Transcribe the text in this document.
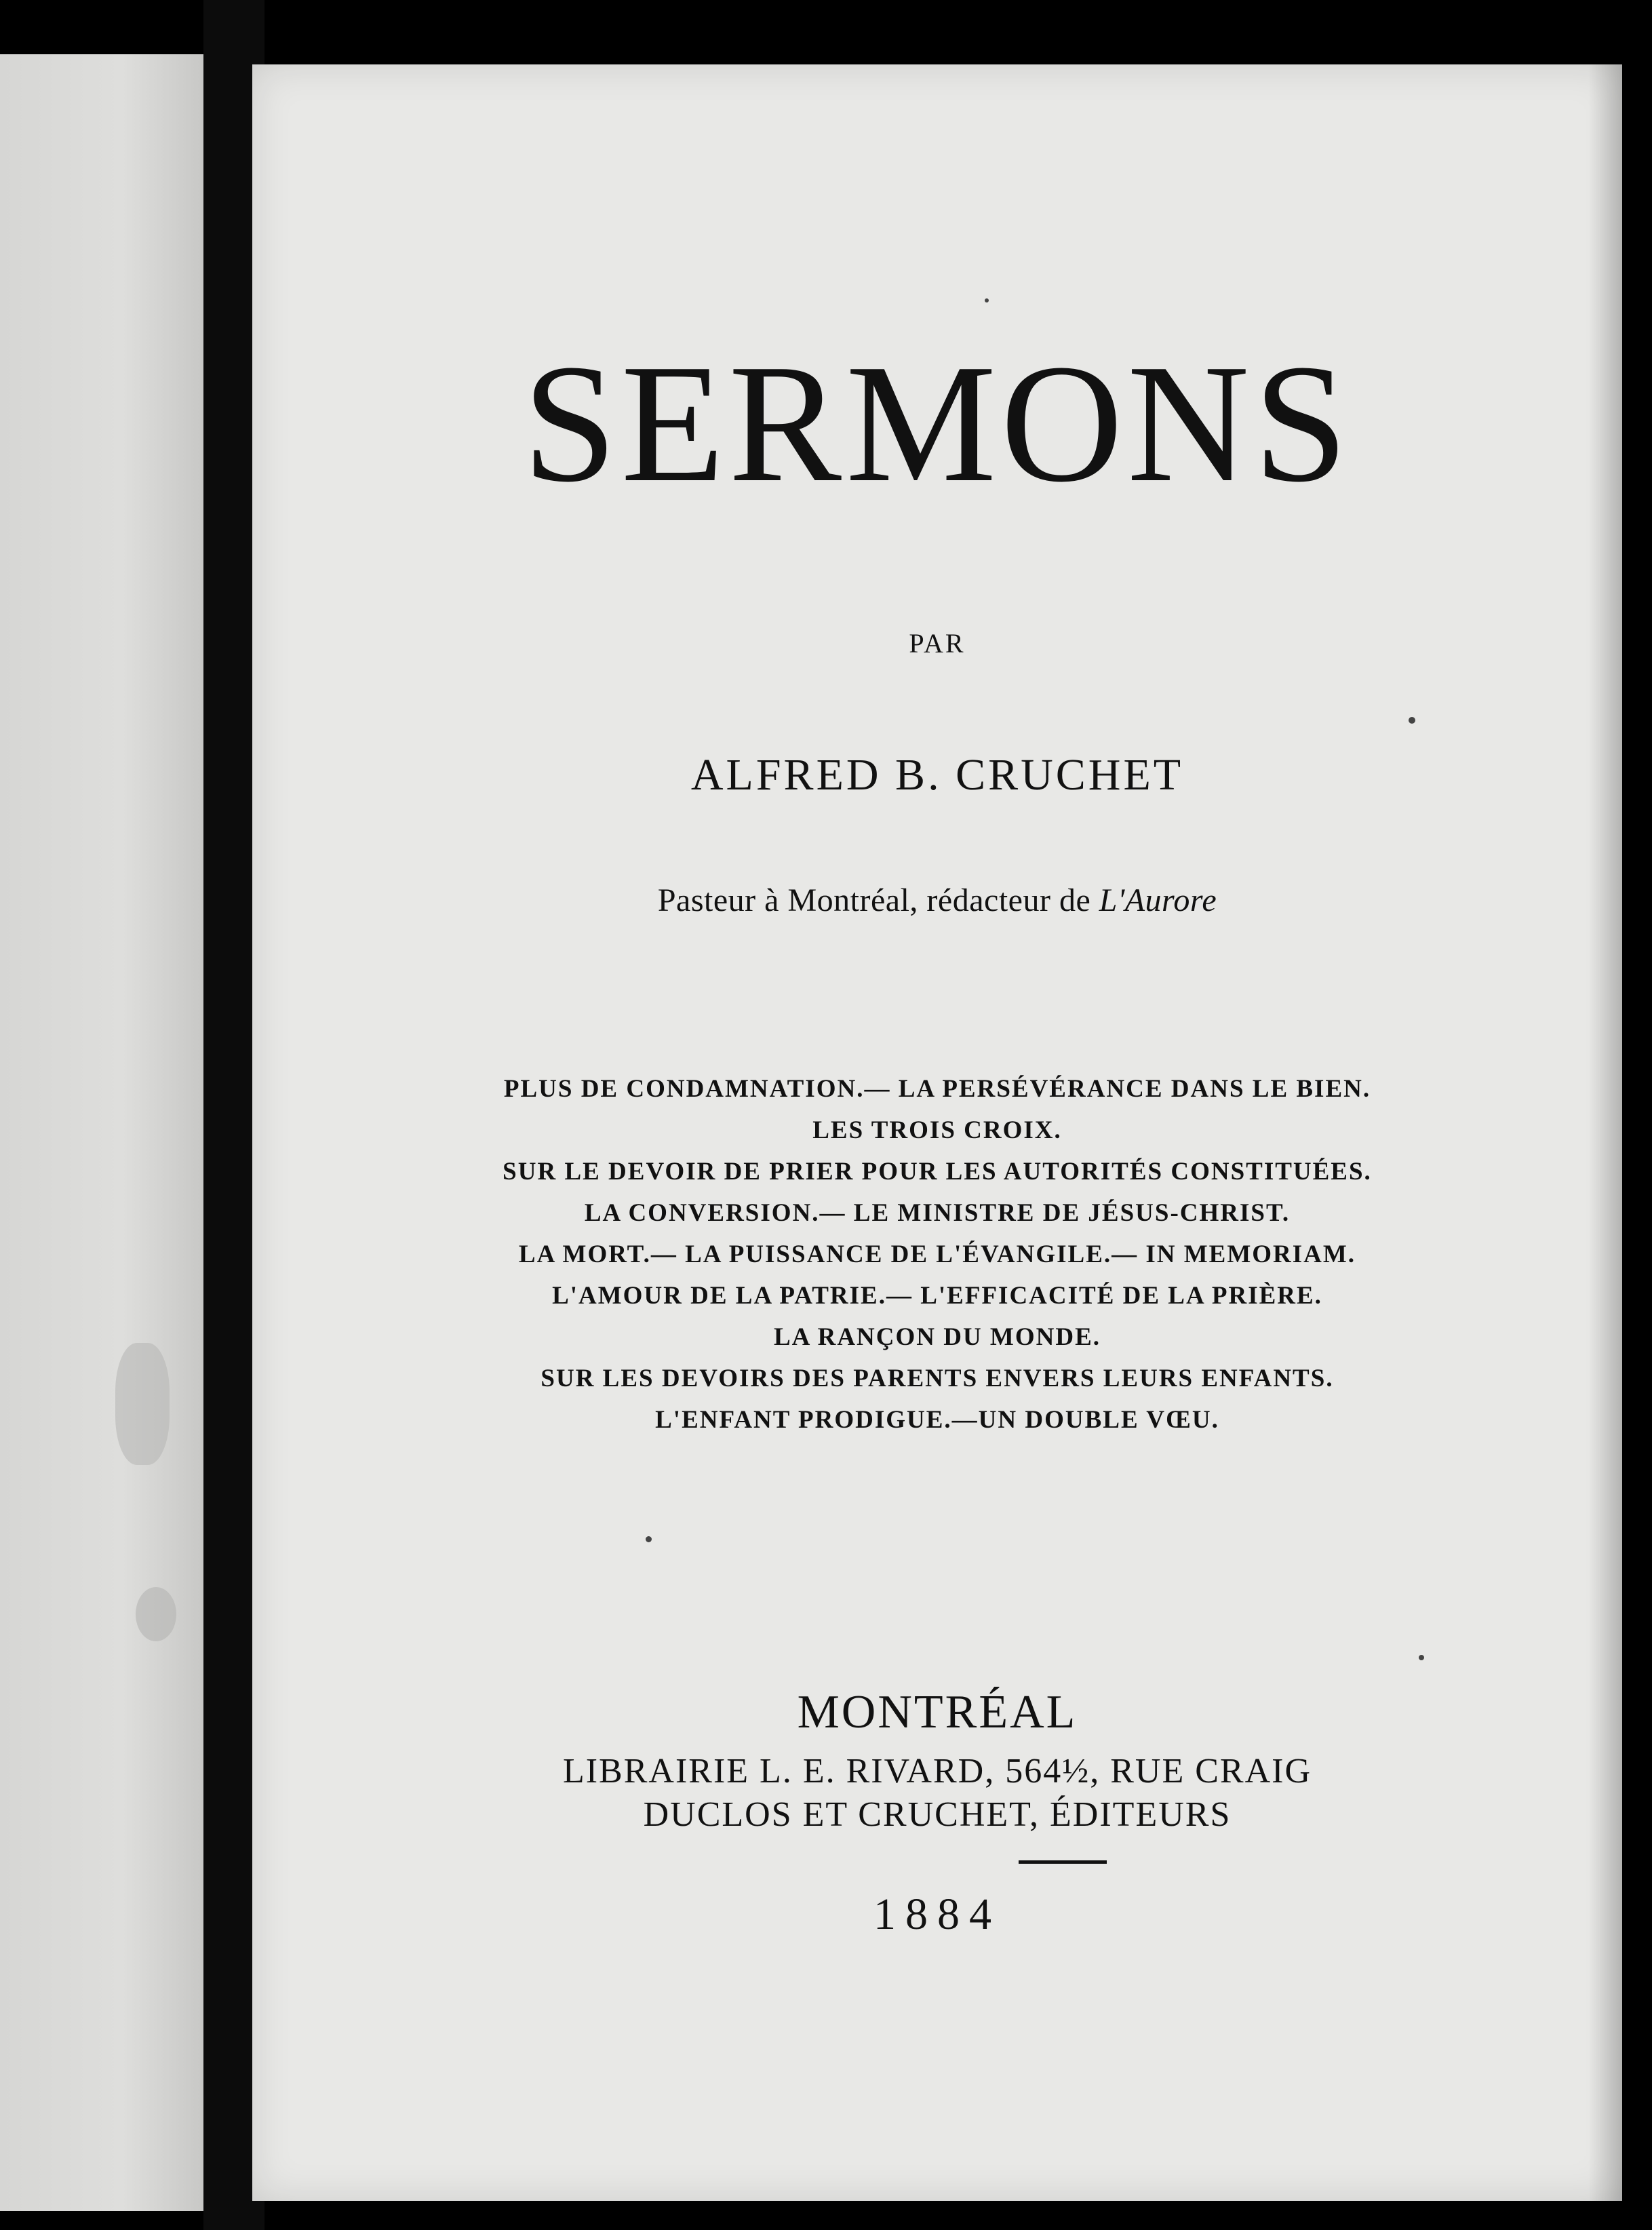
SERMONS
PAR
ALFRED B. CRUCHET
Pasteur à Montréal, rédacteur de L'Aurore
PLUS DE CONDAMNATION.— LA PERSÉVÉRANCE DANS LE BIEN.
LES TROIS CROIX.
SUR LE DEVOIR DE PRIER POUR LES AUTORITÉS CONSTITUÉES.
LA CONVERSION.— LE MINISTRE DE JÉSUS-CHRIST.
LA MORT.— LA PUISSANCE DE L'ÉVANGILE.— IN MEMORIAM.
L'AMOUR DE LA PATRIE.— L'EFFICACITÉ DE LA PRIÈRE.
LA RANÇON DU MONDE.
SUR LES DEVOIRS DES PARENTS ENVERS LEURS ENFANTS.
L'ENFANT PRODIGUE.—UN DOUBLE VŒU.
MONTRÉAL
LIBRAIRIE L. E. RIVARD, 564½, RUE CRAIG
DUCLOS ET CRUCHET, ÉDITEURS
1884
